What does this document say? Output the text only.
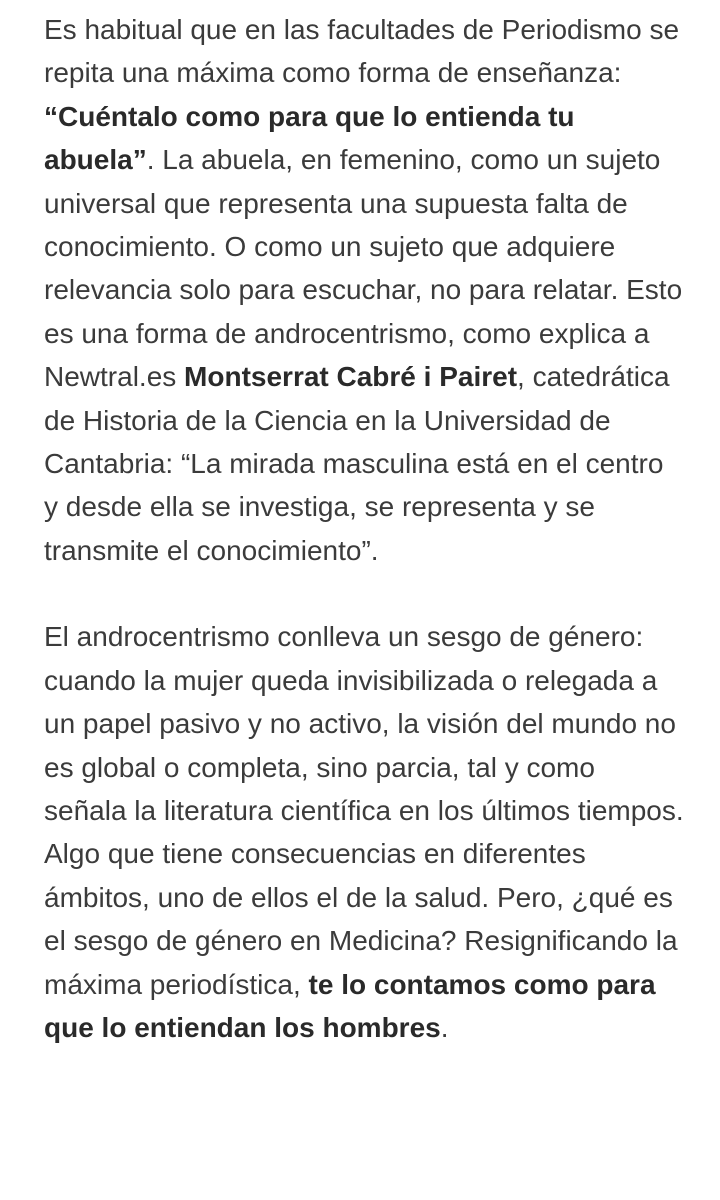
Es habitual que en las facultades de Periodismo se repita una máxima como forma de enseñanza: “Cuéntalo como para que lo entienda tu abuela”. La abuela, en femenino, como un sujeto universal que representa una supuesta falta de conocimiento. O como un sujeto que adquiere relevancia solo para escuchar, no para relatar. Esto es una forma de androcentrismo, como explica a Newtral.es Montserrat Cabré i Pairet, catedrática de Historia de la Ciencia en la Universidad de Cantabria: “La mirada masculina está en el centro y desde ella se investiga, se representa y se transmite el conocimiento”.

El androcentrismo conlleva un sesgo de género: cuando la mujer queda invisibilizada o relegada a un papel pasivo y no activo, la visión del mundo no es global o completa, sino parcia, tal y como señala la literatura científica en los últimos tiempos. Algo que tiene consecuencias en diferentes ámbitos, uno de ellos el de la salud. Pero, ¿qué es el sesgo de género en Medicina? Resignificando la máxima periodística, te lo contamos como para que lo entiendan los hombres.
